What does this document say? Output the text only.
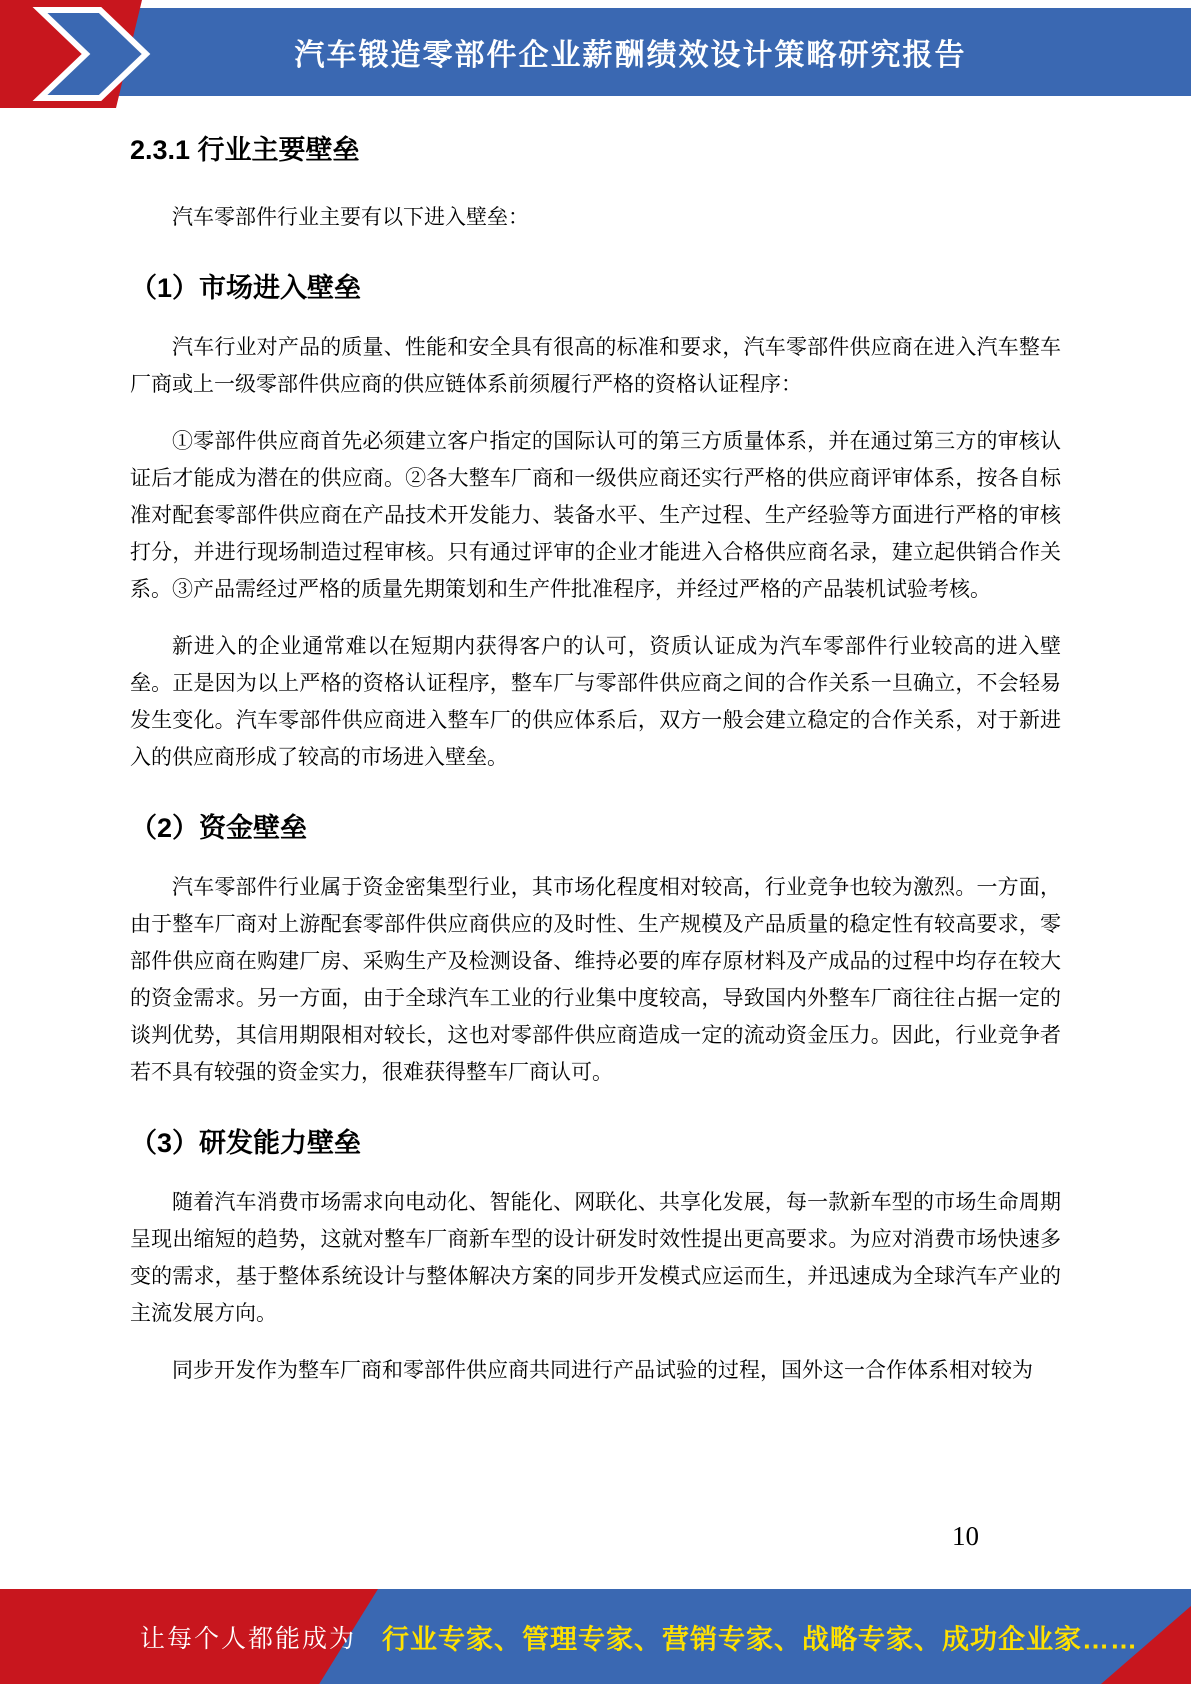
汽车锻造零部件企业薪酬绩效设计策略研究报告
2.3.1 行业主要壁垒

汽车零部件行业主要有以下进入壁垒：

（1）市场进入壁垒

汽车行业对产品的质量、性能和安全具有很高的标准和要求，汽车零部件供应商在进入汽车整车厂商或上一级零部件供应商的供应链体系前须履行严格的资格认证程序：

①零部件供应商首先必须建立客户指定的国际认可的第三方质量体系，并在通过第三方的审核认证后才能成为潜在的供应商。②各大整车厂商和一级供应商还实行严格的供应商评审体系，按各自标准对配套零部件供应商在产品技术开发能力、装备水平、生产过程、生产经验等方面进行严格的审核打分，并进行现场制造过程审核。只有通过评审的企业才能进入合格供应商名录，建立起供销合作关系。③产品需经过严格的质量先期策划和生产件批准程序，并经过严格的产品装机试验考核。

新进入的企业通常难以在短期内获得客户的认可，资质认证成为汽车零部件行业较高的进入壁垒。正是因为以上严格的资格认证程序，整车厂与零部件供应商之间的合作关系一旦确立，不会轻易发生变化。汽车零部件供应商进入整车厂的供应体系后，双方一般会建立稳定的合作关系，对于新进入的供应商形成了较高的市场进入壁垒。

（2）资金壁垒

汽车零部件行业属于资金密集型行业，其市场化程度相对较高，行业竞争也较为激烈。一方面，由于整车厂商对上游配套零部件供应商供应的及时性、生产规模及产品质量的稳定性有较高要求，零部件供应商在购建厂房、采购生产及检测设备、维持必要的库存原材料及产成品的过程中均存在较大的资金需求。另一方面，由于全球汽车工业的行业集中度较高，导致国内外整车厂商往往占据一定的谈判优势，其信用期限相对较长，这也对零部件供应商造成一定的流动资金压力。因此，行业竞争者若不具有较强的资金实力，很难获得整车厂商认可。

（3）研发能力壁垒

随着汽车消费市场需求向电动化、智能化、网联化、共享化发展，每一款新车型的市场生命周期呈现出缩短的趋势，这就对整车厂商新车型的设计研发时效性提出更高要求。为应对消费市场快速多变的需求，基于整体系统设计与整体解决方案的同步开发模式应运而生，并迅速成为全球汽车产业的主流发展方向。

同步开发作为整车厂商和零部件供应商共同进行产品试验的过程，国外这一合作体系相对较为

10
让每个人都能成为 行业专家、管理专家、营销专家、战略专家、成功企业家……
